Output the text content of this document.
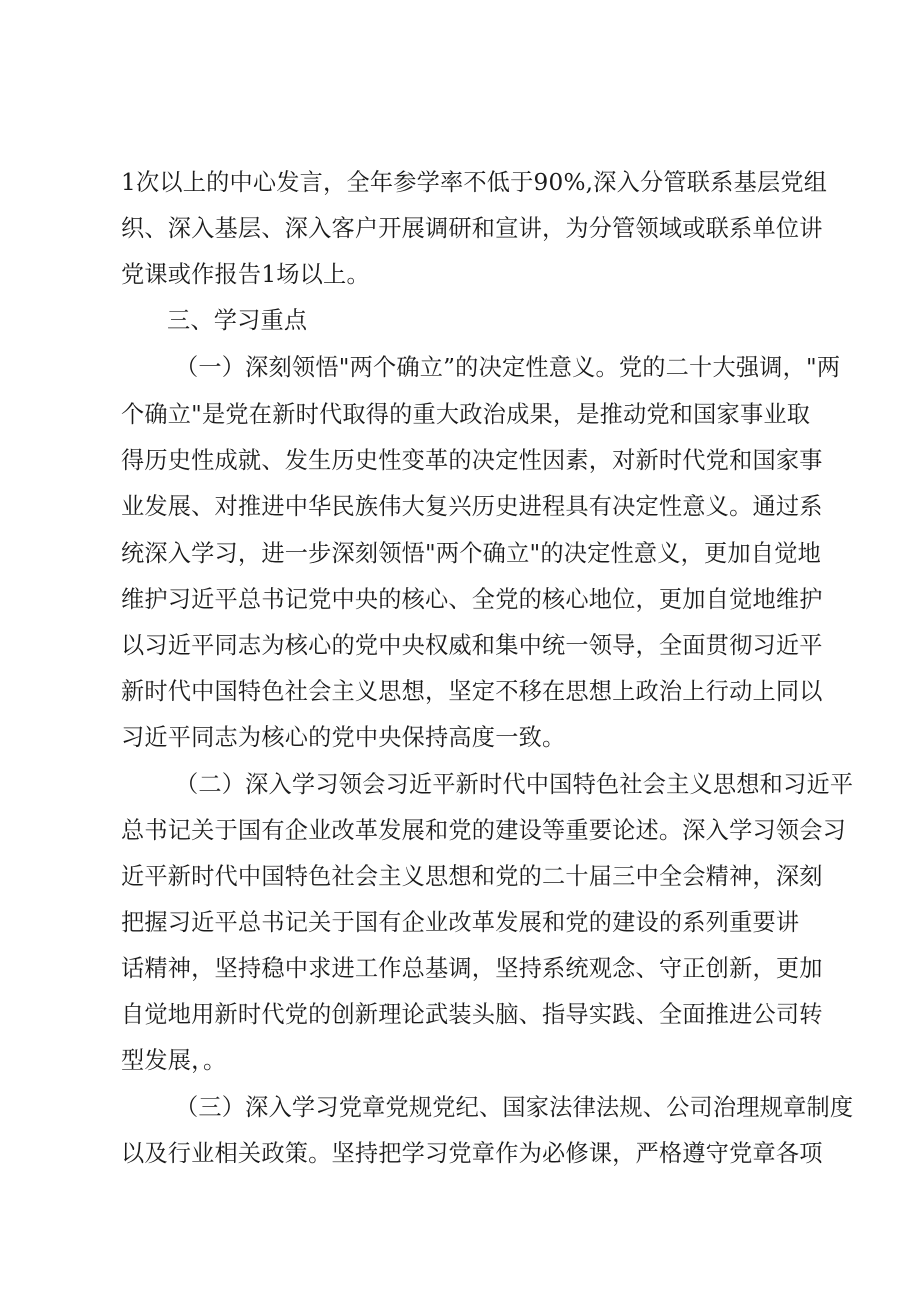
1次以上的中心发言，全年参学率不低于90%,深入分管联系基层党组
织、深入基层、深入客户开展调研和宣讲，为分管领域或联系单位讲
党课或作报告1场以上。
三、学习重点
（一）深刻领悟"两个确立”的决定性意义。党的二十大强调，"两
个确立"是党在新时代取得的重大政治成果，是推动党和国家事业取
得历史性成就、发生历史性变革的决定性因素，对新时代党和国家事
业发展、对推进中华民族伟大复兴历史进程具有决定性意义。通过系
统深入学习，进一步深刻领悟"两个确立"的决定性意义，更加自觉地
维护习近平总书记党中央的核心、全党的核心地位，更加自觉地维护
以习近平同志为核心的党中央权威和集中统一领导，全面贯彻习近平
新时代中国特色社会主义思想，坚定不移在思想上政治上行动上同以
习近平同志为核心的党中央保持高度一致。
（二）深入学习领会习近平新时代中国特色社会主义思想和习近平
总书记关于国有企业改革发展和党的建设等重要论述。深入学习领会习
近平新时代中国特色社会主义思想和党的二十届三中全会精神，深刻
把握习近平总书记关于国有企业改革发展和党的建设的系列重要讲
话精神，坚持稳中求进工作总基调，坚持系统观念、守正创新，更加
自觉地用新时代党的创新理论武装头脑、指导实践、全面推进公司转
型发展，。
（三）深入学习党章党规党纪、国家法律法规、公司治理规章制度
以及行业相关政策。坚持把学习党章作为必修课，严格遵守党章各项
